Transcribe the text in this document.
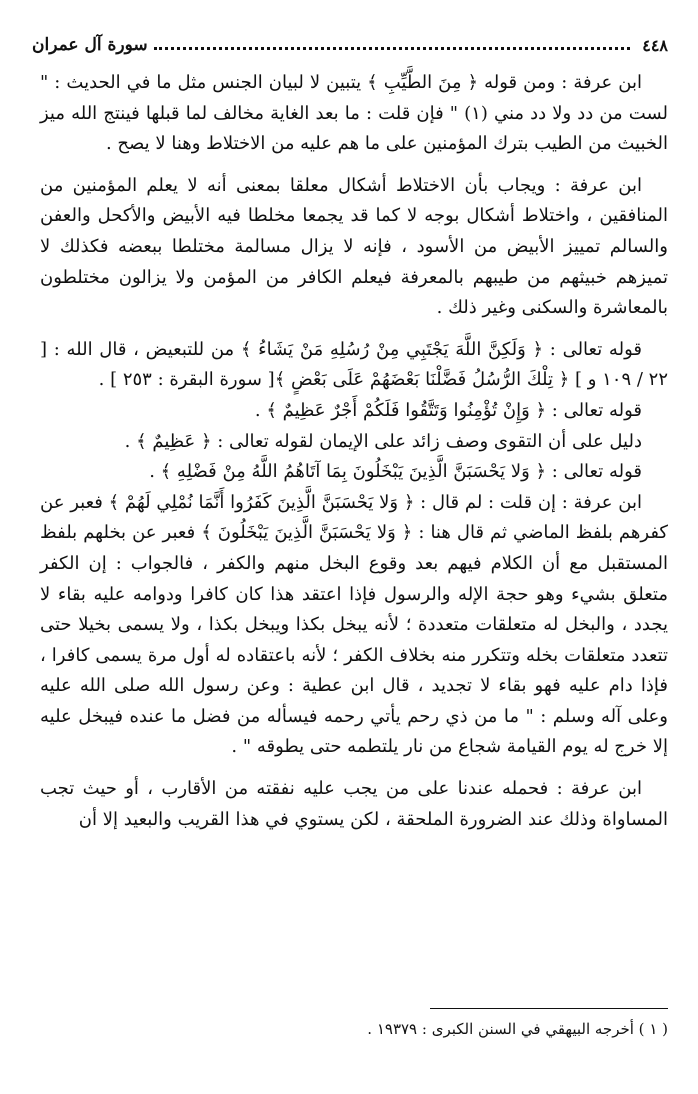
٤٤٨
سورة آل عمران

ابن عرفة : ومن قوله ﴿ مِنَ الطَّيِّبِ ﴾ يتبين لا لبيان الجنس مثل ما في الحديث : " لست من دد ولا دد مني (١) " فإن قلت : ما بعد الغاية مخالف لما قبلها فينتج الله ميز الخبيث من الطيب بترك المؤمنين على ما هم عليه من الاختلاط وهنا لا يصح .

ابن عرفة : ويجاب بأن الاختلاط أشكال معلقا بمعنى أنه لا يعلم المؤمنين من المنافقين ، واختلاط أشكال بوجه لا كما قد يجمعا مخلطا فيه الأبيض والأكحل والعفن والسالم تمييز الأبيض من الأسود ، فإنه لا يزال مسالمة مختلطا ببعضه فكذلك لا تميزهم خبيثهم من طيبهم بالمعرفة فيعلم الكافر من المؤمن ولا يزالون مختلطون بالمعاشرة والسكنى وغير ذلك .

قوله تعالى : ﴿ وَلَكِنَّ اللَّهَ يَجْتَبِي مِنْ رُسُلِهِ مَنْ يَشَاءُ ﴾ من للتبعيض ، قال الله : [ ٢٢ / ١٠٩ و ] ﴿ تِلْكَ الرُّسُلُ فَضَّلْنَا بَعْضَهُمْ عَلَى بَعْضٍ ﴾[ سورة البقرة : ٢٥٣ ] .

قوله تعالى : ﴿ وَإِنْ تُؤْمِنُوا وَتَتَّقُوا فَلَكُمْ أَجْرٌ عَظِيمٌ ﴾ .

دليل على أن التقوى وصف زائد على الإيمان لقوله تعالى : ﴿ عَظِيمٌ ﴾ .

قوله تعالى : ﴿ وَلا يَحْسَبَنَّ الَّذِينَ يَبْخَلُونَ بِمَا آتَاهُمُ اللَّهُ مِنْ فَضْلِهِ ﴾ .

ابن عرفة : إن قلت : لم قال : ﴿ وَلا يَحْسَبَنَّ الَّذِينَ كَفَرُوا أَنَّمَا نُمْلِي لَهُمْ ﴾ فعبر عن كفرهم بلفظ الماضي ثم قال هنا : ﴿ وَلا يَحْسَبَنَّ الَّذِينَ يَبْخَلُونَ ﴾ فعبر عن بخلهم بلفظ المستقبل مع أن الكلام فيهم بعد وقوع البخل منهم والكفر ، فالجواب : إن الكفر متعلق بشيء وهو حجة الإله والرسول فإذا اعتقد هذا كان كافرا ودوامه عليه بقاء لا يجدد ، والبخل له متعلقات متعددة ؛ لأنه يبخل بكذا ويبخل بكذا ، ولا يسمى بخيلا حتى تتعدد متعلقات بخله وتتكرر منه بخلاف الكفر ؛ لأنه باعتقاده له أول مرة يسمى كافرا ، فإذا دام عليه فهو بقاء لا تجديد ، قال ابن عطية : وعن رسول الله صلى الله عليه وعلى آله وسلم : " ما من ذي رحم يأتي رحمه فيسأله من فضل ما عنده فيبخل عليه إلا خرج له يوم القيامة شجاع من نار يلتطمه حتى يطوقه " .

ابن عرفة : فحمله عندنا على من يجب عليه نفقته من الأقارب ، أو حيث تجب المساواة وذلك عند الضرورة الملحقة ، لكن يستوي في هذا القريب والبعيد إلا أن

( ١ ) أخرجه البيهقي في السنن الكبرى : ١٩٣٧٩ .
